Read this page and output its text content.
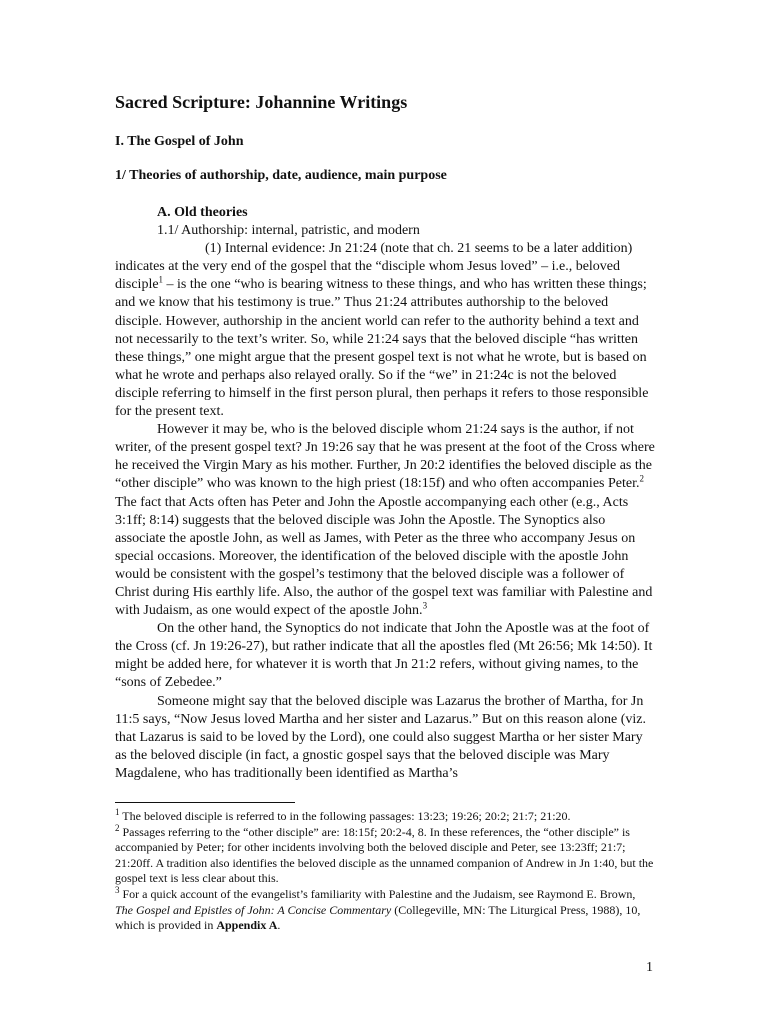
Sacred Scripture: Johannine Writings
I. The Gospel of John
1/ Theories of authorship, date, audience, main purpose

A. Old theories

1.1/ Authorship: internal, patristic, and modern

(1) Internal evidence: Jn 21:24 (note that ch. 21 seems to be a later addition) indicates at the very end of the gospel that the “disciple whom Jesus loved” – i.e., beloved disciple$^1$ – is the one “who is bearing witness to these things, and who has written these things; and we know that his testimony is true.” Thus 21:24 attributes authorship to the beloved disciple. However, authorship in the ancient world can refer to the authority behind a text and not necessarily to the text’s writer. So, while 21:24 says that the beloved disciple “has written these things,” one might argue that the present gospel text is not what he wrote, but is based on what he wrote and perhaps also relayed orally. So if the “we” in 21:24c is not the beloved disciple referring to himself in the first person plural, then perhaps it refers to those responsible for the present text.

However it may be, who is the beloved disciple whom 21:24 says is the author, if not writer, of the present gospel text? Jn 19:26 say that he was present at the foot of the Cross where he received the Virgin Mary as his mother. Further, Jn 20:2 identifies the beloved disciple as the “other disciple” who was known to the high priest (18:15f) and who often accompanies Peter.$^2$ The fact that Acts often has Peter and John the Apostle accompanying each other (e.g., Acts 3:1ff; 8:14) suggests that the beloved disciple was John the Apostle. The Synoptics also associate the apostle John, as well as James, with Peter as the three who accompany Jesus on special occasions. Moreover, the identification of the beloved disciple with the apostle John would be consistent with the gospel’s testimony that the beloved disciple was a follower of Christ during His earthly life. Also, the author of the gospel text was familiar with Palestine and with Judaism, as one would expect of the apostle John.$^3$

On the other hand, the Synoptics do not indicate that John the Apostle was at the foot of the Cross (cf. Jn 19:26-27), but rather indicate that all the apostles fled (Mt 26:56; Mk 14:50). It might be added here, for whatever it is worth that Jn 21:2 refers, without giving names, to the “sons of Zebedee.”

Someone might say that the beloved disciple was Lazarus the brother of Martha, for Jn 11:5 says, “Now Jesus loved Martha and her sister and Lazarus.” But on this reason alone (viz. that Lazarus is said to be loved by the Lord), one could also suggest Martha or her sister Mary as the beloved disciple (in fact, a gnostic gospel says that the beloved disciple was Mary Magdalene, who has traditionally been identified as Martha’s

$^1$ The beloved disciple is referred to in the following passages: 13:23; 19:26; 20:2; 21:7; 21:20.

$^2$ Passages referring to the “other disciple” are: 18:15f; 20:2-4, 8. In these references, the “other disciple” is accompanied by Peter; for other incidents involving both the beloved disciple and Peter, see 13:23ff; 21:7; 21:20ff. A tradition also identifies the beloved disciple as the unnamed companion of Andrew in Jn 1:40, but the gospel text is less clear about this.

$^3$ For a quick account of the evangelist’s familiarity with Palestine and the Judaism, see Raymond E. Brown, The Gospel and Epistles of John: A Concise Commentary (Collegeville, MN: The Liturgical Press, 1988), 10, which is provided in Appendix A.

1
